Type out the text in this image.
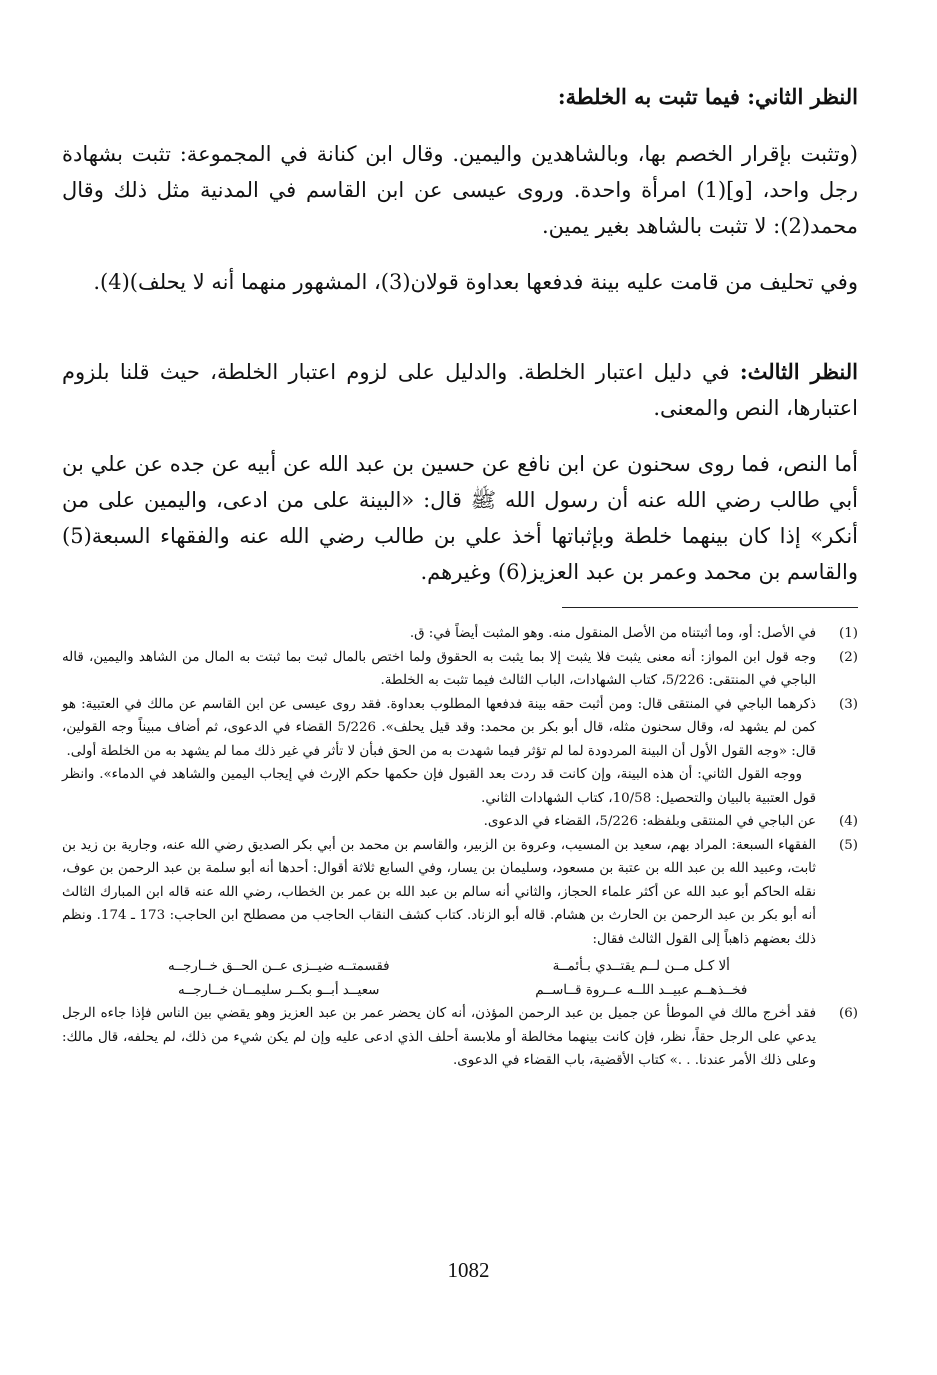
النظر الثاني: فيما تثبت به الخلطة:

(وتثبت بإقرار الخصم بها، وبالشاهدين واليمين. وقال ابن كنانة في المجموعة: تثبت بشهادة رجل واحد، [و](1) امرأة واحدة. وروى عيسى عن ابن القاسم في المدنية مثل ذلك وقال محمد(2): لا تثبت بالشاهد بغير يمين.

وفي تحليف من قامت عليه بينة فدفعها بعداوة قولان(3)، المشهور منهما أنه لا يحلف)(4).

النظر الثالث: في دليل اعتبار الخلطة. والدليل على لزوم اعتبار الخلطة، حيث قلنا بلزوم اعتبارها، النص والمعنى.

أما النص، فما روى سحنون عن ابن نافع عن حسين بن عبد الله عن أبيه عن جده عن علي بن أبي طالب رضي الله عنه أن رسول الله ﷺ قال: «البينة على من ادعى، واليمين على من أنكر» إذا كان بينهما خلطة وبإثباتها أخذ علي بن طالب رضي الله عنه والفقهاء السبعة(5) والقاسم بن محمد وعمر بن عبد العزيز(6) وغيرهم.

(1)
في الأصل: أو، وما أثبتناه من الأصل المنقول منه. وهو المثبت أيضاً في: ق.
(2)
وجه قول ابن المواز: أنه معنى يثبت فلا يثبت إلا بما يثبت به الحقوق ولما اختص بالمال ثبت بما ثبتت به المال من الشاهد واليمين، قاله الباجي في المنتقى: 5/226، كتاب الشهادات، الباب الثالث فيما تثبت به الخلطة.
(3)
ذكرهما الباجي في المنتقى قال: ومن أثبت حقه بينة فدفعها المطلوب بعداوة. فقد روى عيسى عن ابن القاسم عن مالك في العتبية: هو كمن لم يشهد له، وقال سحنون مثله، قال أبو بكر بن محمد: وقد قيل يحلف». 5/226 القضاء في الدعوى، ثم أضاف مبيناً وجه القولين، قال: «وجه القول الأول أن البينة المردودة لما لم تؤثر فيما شهدت به من الحق فبأن لا تأثر في غير ذلك مما لم يشهد به من الخلطة أولى.

ووجه القول الثاني: أن هذه البينة، وإن كانت قد ردت بعد القبول فإن حكمها حكم الإرث في إيجاب اليمين والشاهد في الدماء». وانظر قول العتبية بالبيان والتحصيل: 10/58، كتاب الشهادات الثاني.

(4)
عن الباجي في المنتقى وبلفظه: 5/226، القضاء في الدعوى.
(5)
الفقهاء السبعة: المراد بهم، سعيد بن المسيب، وعروة بن الزبير، والقاسم بن محمد بن أبي بكر الصديق رضي الله عنه، وجارية بن زيد بن ثابت، وعبيد الله بن عبد الله بن عتبة بن مسعود، وسليمان بن يسار، وفي السابع ثلاثة أقوال: أحدها أنه أبو سلمة بن عبد الرحمن بن عوف، نقله الحاكم أبو عبد الله عن أكثر علماء الحجاز، والثاني أنه سالم بن عبد الله بن عمر بن الخطاب، رضي الله عنه قاله ابن المبارك الثالث أنه أبو بكر بن عبد الرحمن بن الحارث بن هشام. قاله أبو الزناد. كتاب كشف النقاب الحاجب من مصطلح ابن الحاجب: 173 ـ 174. ونظم ذلك بعضهم ذاهباً إلى القول الثالث فقال:
ألا كـل مــن لــم يقتــدي بـأئمــة
فقسمتــه ضيــزى عــن الحــق خــارجــه
فخــذهــم عبيــد اللــه عــروة قــاســم
سعيــد أبــو بكــر سليمــان خــارجــه
(6)
فقد أخرج مالك في الموطأ عن جميل بن عبد الرحمن المؤذن، أنه كان يحضر عمر بن عبد العزيز وهو يقضي بين الناس فإذا جاءه الرجل يدعي على الرجل حقاً، نظر، فإن كانت بينهما مخالطة أو ملابسة أحلف الذي ادعى عليه وإن لم يكن شيء من ذلك، لم يحلفه، قال مالك: وعلى ذلك الأمر عندنا. . .» كتاب الأقضية، باب القضاء في الدعوى.
1082
